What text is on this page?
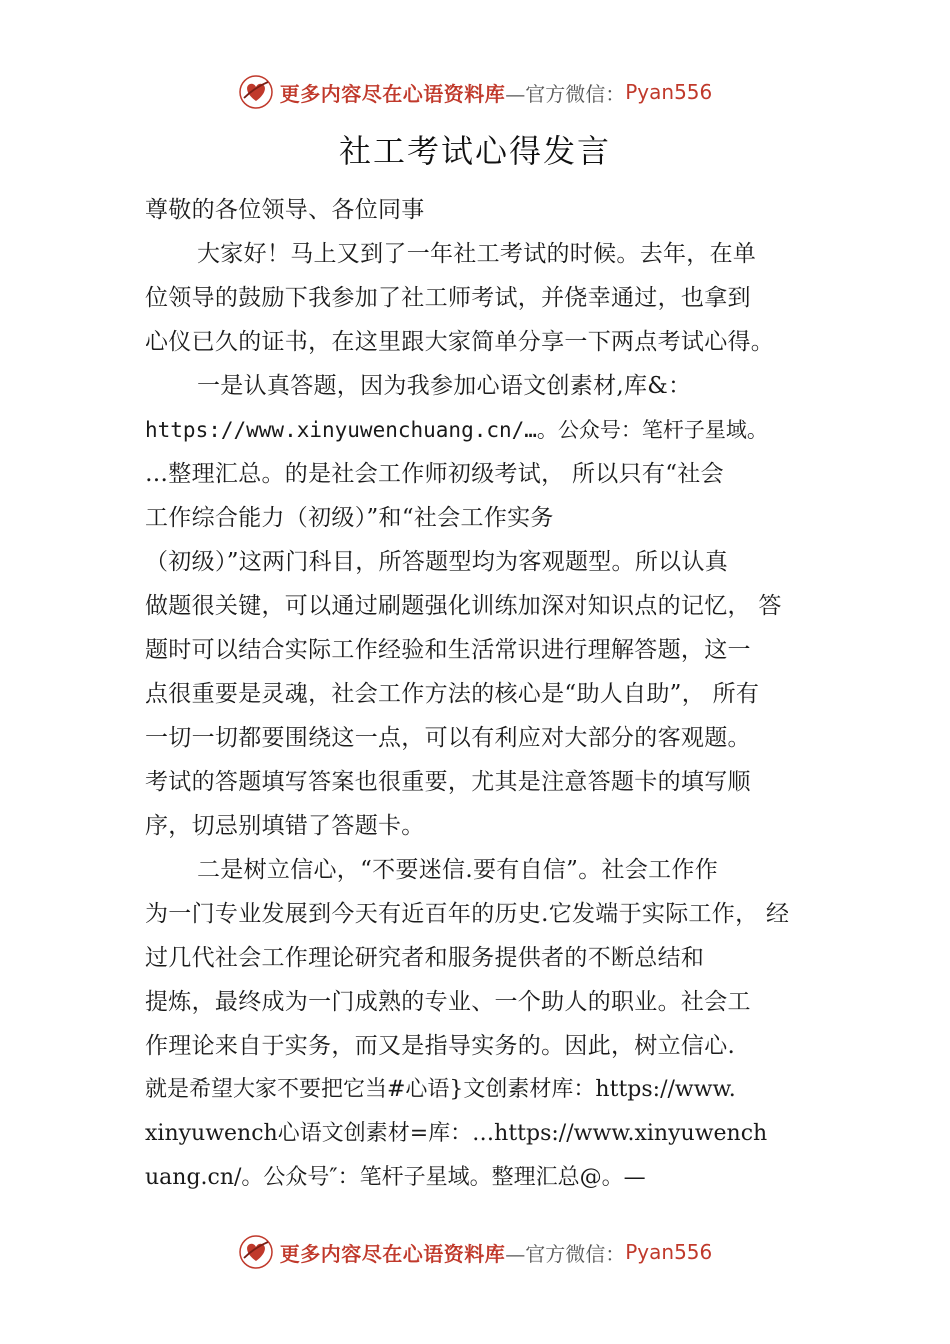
更多内容尽在心语资料库 —官方微信： Pyan556
社工考试心得发言
尊敬的各位领导、各位同事
大家好！马上又到了一年社工考试的时候。去年，在单
位领导的鼓励下我参加了社工师考试，并侥幸通过，也拿到
心仪已久的证书，在这里跟大家简单分享一下两点考试心得。
一是认真答题，因为我参加心语文创素材,库&：
https://www.xinyuwenchuang.cn/…。公众号：笔杆子星域。
…整理汇总。的是社会工作师初级考试， 所以只有“社会
工作综合能力（初级）”和“社会工作实务
（初级）”这两门科目，所答题型均为客观题型。所以认真
做题很关键，可以通过刷题强化训练加深对知识点的记忆， 答
题时可以结合实际工作经验和生活常识进行理解答题，这一
点很重要是灵魂，社会工作方法的核心是“助人自助”， 所有
一切一切都要围绕这一点，可以有利应对大部分的客观题。
考试的答题填写答案也很重要，尤其是注意答题卡的填写顺
序，切忌别填错了答题卡。
二是树立信心，“不要迷信.要有自信”。社会工作作
为一门专业发展到今天有近百年的历史.它发端于实际工作， 经
过几代社会工作理论研究者和服务提供者的不断总结和
提炼，最终成为一门成熟的专业、一个助人的职业。社会工
作理论来自于实务，而又是指导实务的。因此，树立信心.
就是希望大家不要把它当#心语}文创素材库：https://www.
xinyuwench心语文创素材=库：…https://www.xinyuwench
uang.cn/。公众号″：笔杆子星域。整理汇总@。—
更多内容尽在心语资料库 —官方微信： Pyan556
